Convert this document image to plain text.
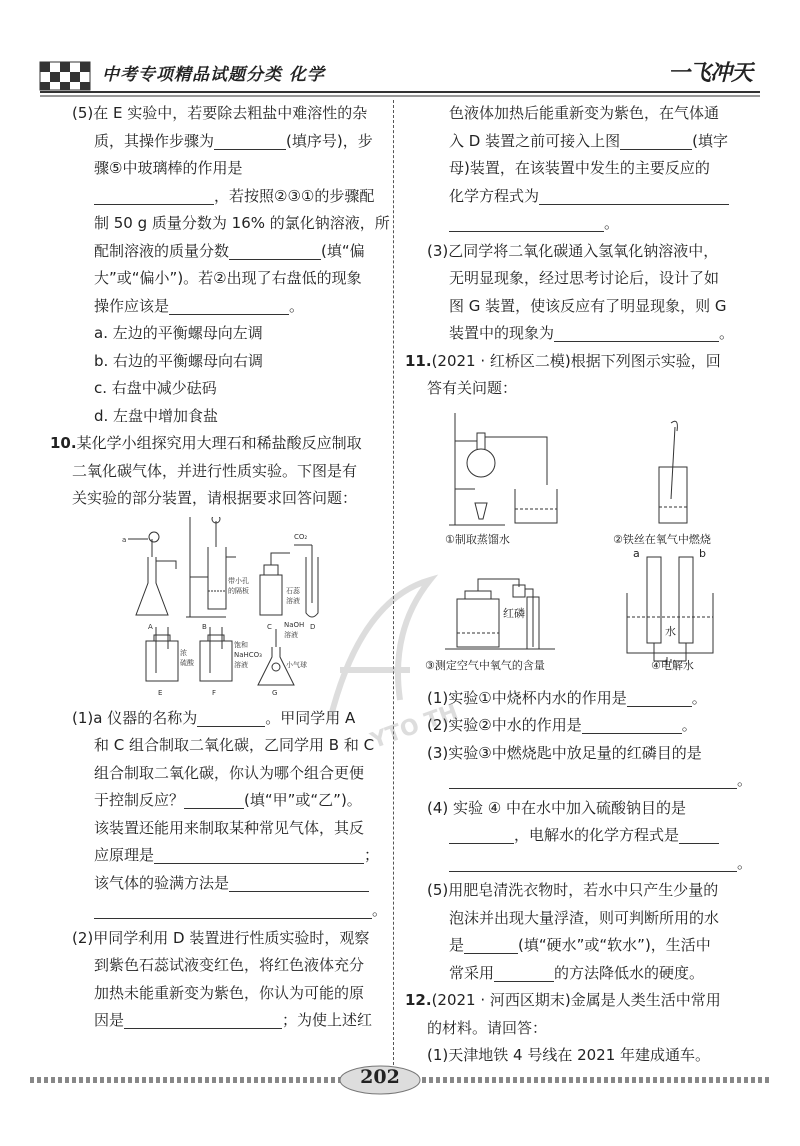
中考专项精品试题分类 化学	一飞冲天

(5)在 E 实验中，若要除去粗盐中难溶性的杂

质，其操作步骤为	(填序号)，步

骤⑤中玻璃棒的作用是

，若按照②③①的步骤配

制 50 g 质量分数为 16% 的氯化钠溶液，所

配制溶液的质量分数	(填“偏

大”或“偏小”)。若②出现了右盘低的现象

操作应该是	。

a. 左边的平衡螺母向左调

b. 右边的平衡螺母向右调

c. 右盘中减少砝码

d. 左盘中增加食盐

10.某化学小组探究用大理石和稀盐酸反应制取

二氧化碳气体，并进行性质实验。下图是有

关实验的部分装置，请根据要求回答问题：

a
A	B	C	D
CO₂
带小孔
的隔板	石蕊
溶液
浓
硫酸
饱和
NaHCO₃
溶液
NaOH
溶液
小气球
E	F	G

(1)a 仪器的名称为	。甲同学用 A

和 C 组合制取二氧化碳，乙同学用 B 和 C

组合制取二氧化碳，你认为哪个组合更便

于控制反应？	(填“甲”或“乙”)。

该装置还能用来制取某种常见气体，其反

应原理是	；

该气体的验满方法是

。

(2)甲同学利用 D 装置进行性质实验时，观察

到紫色石蕊试液变红色，将红色液体充分

加热未能重新变为紫色，你认为可能的原

因是	；为使上述红

色液体加热后能重新变为紫色，在气体通

入 D 装置之前可接入上图	(填字

母)装置，在该装置中发生的主要反应的

化学方程式为

。

(3)乙同学将二氧化碳通入氢氧化钠溶液中，

无明显现象，经过思考讨论后，设计了如

图 G 装置，使该反应有了明显现象，则 G

装置中的现象为	。

11.(2021 · 红桥区二模)根据下列图示实验，回

答有关问题：

①制取蒸馏水	②铁丝在氧气中燃烧
③测定空气中氧气的含量	④电解水
红磷
a	b
水

(1)实验①中烧杯内水的作用是	。

(2)实验②中水的作用是	。

(3)实验③中燃烧匙中放足量的红磷目的是

。

(4) 实验 ④ 中在水中加入硫酸钠目的是

，电解水的化学方程式是

。

(5)用肥皂清洗衣物时，若水中只产生少量的

泡沫并出现大量浮渣，则可判断所用的水

是	(填“硬水”或“软水”)，生活中

常采用	的方法降低水的硬度。

12.(2021 · 河西区期末)金属是人类生活中常用

的材料。请回答：

(1)天津地铁 4 号线在 2021 年建成通车。

YTO TH
202
